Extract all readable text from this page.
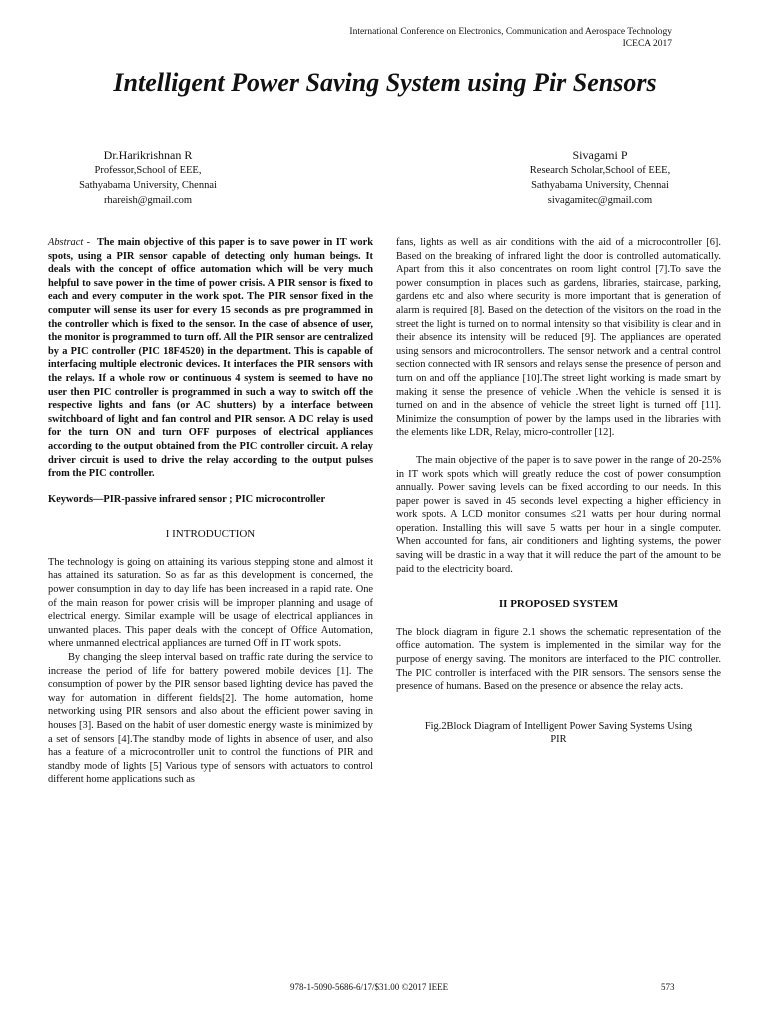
International Conference on Electronics, Communication and Aerospace Technology
ICECA 2017
Intelligent Power Saving System using Pir Sensors
Dr.Harikrishnan R
Professor,School of EEE,
Sathyabama University, Chennai
rhareish@gmail.com
Sivagami P
Research Scholar,School of EEE,
Sathyabama University, Chennai
sivagamitec@gmail.com

Abstract - The main objective of this paper is to save power in IT work spots, using a PIR sensor capable of detecting only human beings. It deals with the concept of office automation which will be very much helpful to save power in the time of power crisis. A PIR sensor is fixed to each and every computer in the work spot. The PIR sensor fixed in the computer will sense its user for every 15 seconds as pre programmed in the controller which is fixed to the sensor. In the case of absence of user, the monitor is programmed to turn off. All the PIR sensor are centralized by a PIC controller (PIC 18F4520) in the department. This is capable of interfacing multiple electronic devices. It interfaces the PIR sensors with the relays. If a whole row or continuous 4 system is seemed to have no user then PIC controller is programmed in such a way to switch off the respective lights and fans (or AC shutters) by a interface between switchboard of light and fan control and PIR sensor. A DC relay is used for the turn ON and turn OFF purposes of electrical appliances according to the output obtained from the PIC controller circuit. A relay driver circuit is used to drive the relay according to the output pulses from the PIC controller.

Keywords—PIR-passive infrared sensor ; PIC microcontroller

I INTRODUCTION

The technology is going on attaining its various stepping stone and almost it has attained its saturation. So as far as this development is concerned, the power consumption in day to day life has been increased in a rapid rate. One of the main reason for power crisis will be improper planning and usage of electrical energy. Similar example will be usage of electrical appliances in unwanted places. This paper deals with the concept of Office Automation, where unmanned electrical appliances are turned Off in IT work spots.

By changing the sleep interval based on traffic rate during the service to increase the period of life for battery powered mobile devices [1]. The consumption of power by the PIR sensor based lighting device has paved the way for automation in different fields[2]. The home automation, home networking using PIR sensors and also about the efficient power saving in houses [3]. Based on the habit of user domestic energy waste is minimized by a set of sensors [4].The standby mode of lights in absence of user, and also has a feature of a microcontroller unit to control the functions of PIR and standby mode of lights [5] Various type of sensors with actuators to control different home applications such as

fans, lights as well as air conditions with the aid of a microcontroller [6]. Based on the breaking of infrared light the door is controlled automatically. Apart from this it also concentrates on room light control [7].To save the power consumption in places such as gardens, libraries, staircase, parking, gardens etc and also where security is more important that is generation of alarm is required [8]. Based on the detection of the visitors on the road in the street the light is turned on to normal intensity so that visibility is clear and in their absence its intensity will be reduced [9]. The appliances are operated using sensors and microcontrollers. The sensor network and a central control section connected with IR sensors and relays sense the presence of person and turn on and off the appliance [10].The street light working is made smart by making it sense the presence of vehicle .When the vehicle is sensed it is turned on and in the absence of vehicle the street light is turned off [11]. Minimize the consumption of power by the lamps used in the libraries with the elements like LDR, Relay, micro-controller [12].

The main objective of the paper is to save power in the range of 20-25% in IT work spots which will greatly reduce the cost of power consumption annually. Power saving levels can be fixed according to our needs. In this paper power is saved in 45 seconds level expecting a higher efficiency in work spots. A LCD monitor consumes ≤21 watts per hour during normal operation. Installing this will save 5 watts per hour in a single computer. When accounted for fans, air conditioners and lighting systems, the power saving will be drastic in a way that it will reduce the part of the amount to be paid to the electricity board.

II PROPOSED SYSTEM

The block diagram in figure 2.1 shows the schematic representation of the office automation. The system is implemented in the similar way for the purpose of energy saving. The monitors are interfaced to the PIC controller. The PIC controller is interfaced with the PIR sensors. The sensors sense the presence of humans. Based on the presence or absence the relay acts.

Fig.2Block Diagram of Intelligent Power Saving Systems Using PIR

978-1-5090-5686-6/17/$31.00 ©2017 IEEE	573
